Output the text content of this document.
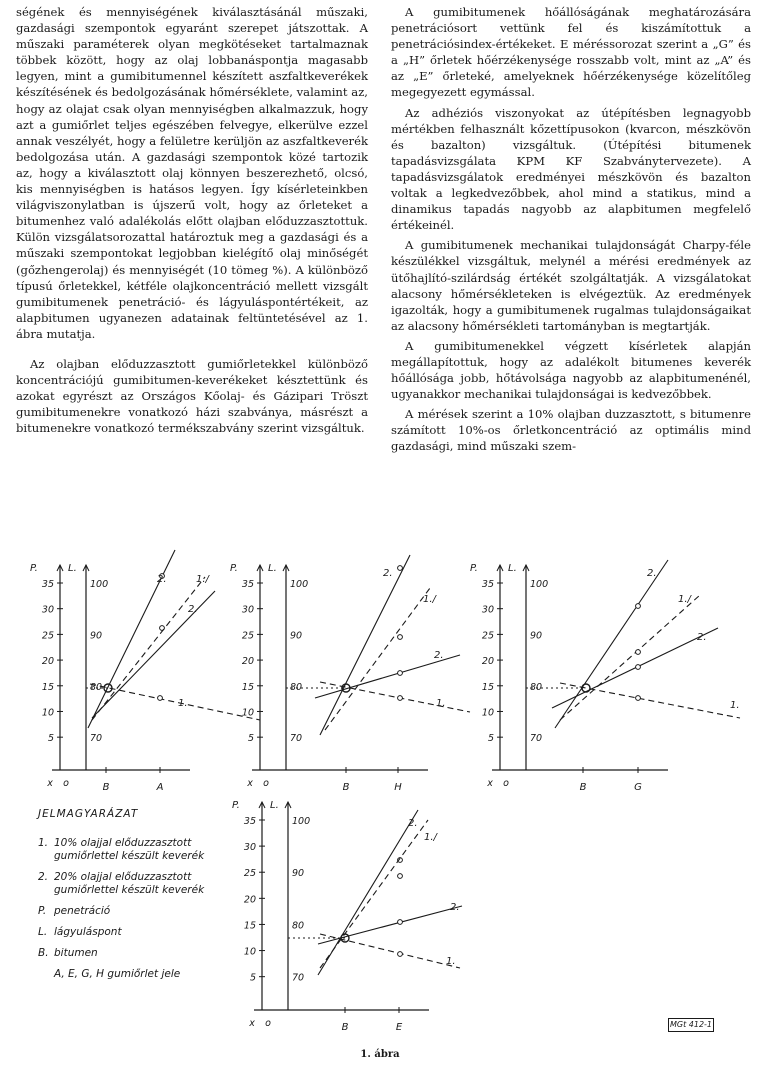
ségének és mennyiségének kiválasztásánál műszaki, gazdasági szempontok egyaránt szerepet játszottak. A műszaki paraméterek olyan megkötéseket tartalmaznak többek között, hogy az olaj lobbanáspontja magasabb legyen, mint a gumibitumennel készített aszfaltkeverékek készítésének és bedolgozásának hőmérséklete, valamint az, hogy az olajat csak olyan mennyiségben alkalmazzuk, hogy azt a gumiőrlet teljes egészében felvegye, elkerülve ezzel annak veszélyét, hogy a felületre kerüljön az aszfaltkeverék bedolgozása után. A gazdasági szempontok közé tartozik az, hogy a kiválasztott olaj könnyen beszerezhető, olcsó, kis mennyiségben is hatásos legyen. Így kísérleteinkben világviszonylatban is újszerű volt, hogy az őrleteket a bitumenhez való adalékolás előtt olajban előduzzasztottuk. Külön vizsgálatsorozattal határoztuk meg a gazdasági és a műszaki szempontokat legjobban kielégítő olaj minőségét (gőzhengerolaj) és mennyiségét (10 tömeg %). A különböző típusú őrletekkel, kétféle olajkoncentráció mellett vizsgált gumibitumenek penetráció- és lágyuláspontértékeit, az alapbitumen ugyanezen adatainak feltüntetésével az 1. ábra mutatja.

Az olajban előduzzasztott gumiőrletekkel különböző koncentrációjú gumibitumen-keverékeket késztettünk és azokat egyrészt az Országos Kőolaj- és Gázipari Tröszt gumibitumenekre vonatkozó házi szabványa, másrészt a bitumenekre vonatkozó termékszabvány szerint vizsgáltuk.

A gumibitumenek hőállóságának meghatározására penetrációsort vettünk fel és kiszámítottuk a penetrációsindex-értékeket. E méréssorozat szerint a „G” és a „H” őrletek hőérzékenysége rosszabb volt, mint az „A” és az „E” őrleteké, amelyeknek hőérzékenysége közelítőleg megegyezett egymással.

Az adhéziós viszonyokat az útépítésben legnagyobb mértékben felhasznált kőzettípusokon (kvarcon, mészkövön és bazalton) vizsgáltuk. (Útépítési bitumenek tapadásvizsgálata KPM KF Szabványtervezete). A tapadásvizsgálatok eredményei mészkövön és bazalton voltak a legkedvezőbbek, ahol mind a statikus, mind a dinamikus tapadás nagyobb az alapbitumen megfelelő értékeinél.

A gumibitumenek mechanikai tulajdonságát Charpy-féle készülékkel vizsgáltuk, melynél a mérési eredmények az ütőhajlító-szilárdság értékét szolgáltatják. A vizsgálatokat alacsony hőmérsékleteken is elvégeztük. Az eredmények igazolták, hogy a gumibitumenek rugalmas tulajdonságaikat az alacsony hőmérsékleti tartományban is megtartják.

A gumibitumenekkel végzett kísérletek alapján megállapítottuk, hogy az adalékolt bitumenes keverék hőállósága jobb, hőtávolsága nagyobb az alapbitumenénél, ugyanakkor mechanikai tulajdonságai is kedvezőbbek.

A mérések szerint a 10% olajban duzzasztott, s bitumenre számított 10%-os őrletkoncentráció az optimális mind gazdasági, mind műszaki szem-

P.	L.
35
30
25
20
15
10
5
100
90
80
70
x o	B	A
2.	1./
2.
1.
P.	L.
35
30
25
20
15
10
5
100
90
80
70
x o	B	H
2.
1./
2.
1.
P.	L.
35
30
25
20
15
10
5
100
90
80
70
x o	B	G
2.
1./
2.
1.
P.	L.
35
30
25
20
15
10
5
100
90
80
70
x o	B	E
2.
1./
2.
1.
JELMAGYARÁZAT
1. 10% olajjal előduzzasztott
gumiőrlettel készült keverék
2. 20% olajjal előduzzasztott
gumiőrlettel készült keverék
P. penetráció
L. lágyuláspont
B. bitumen
A, E, G, H gumiőrlet jele
MGt 412-1
1. ábra
